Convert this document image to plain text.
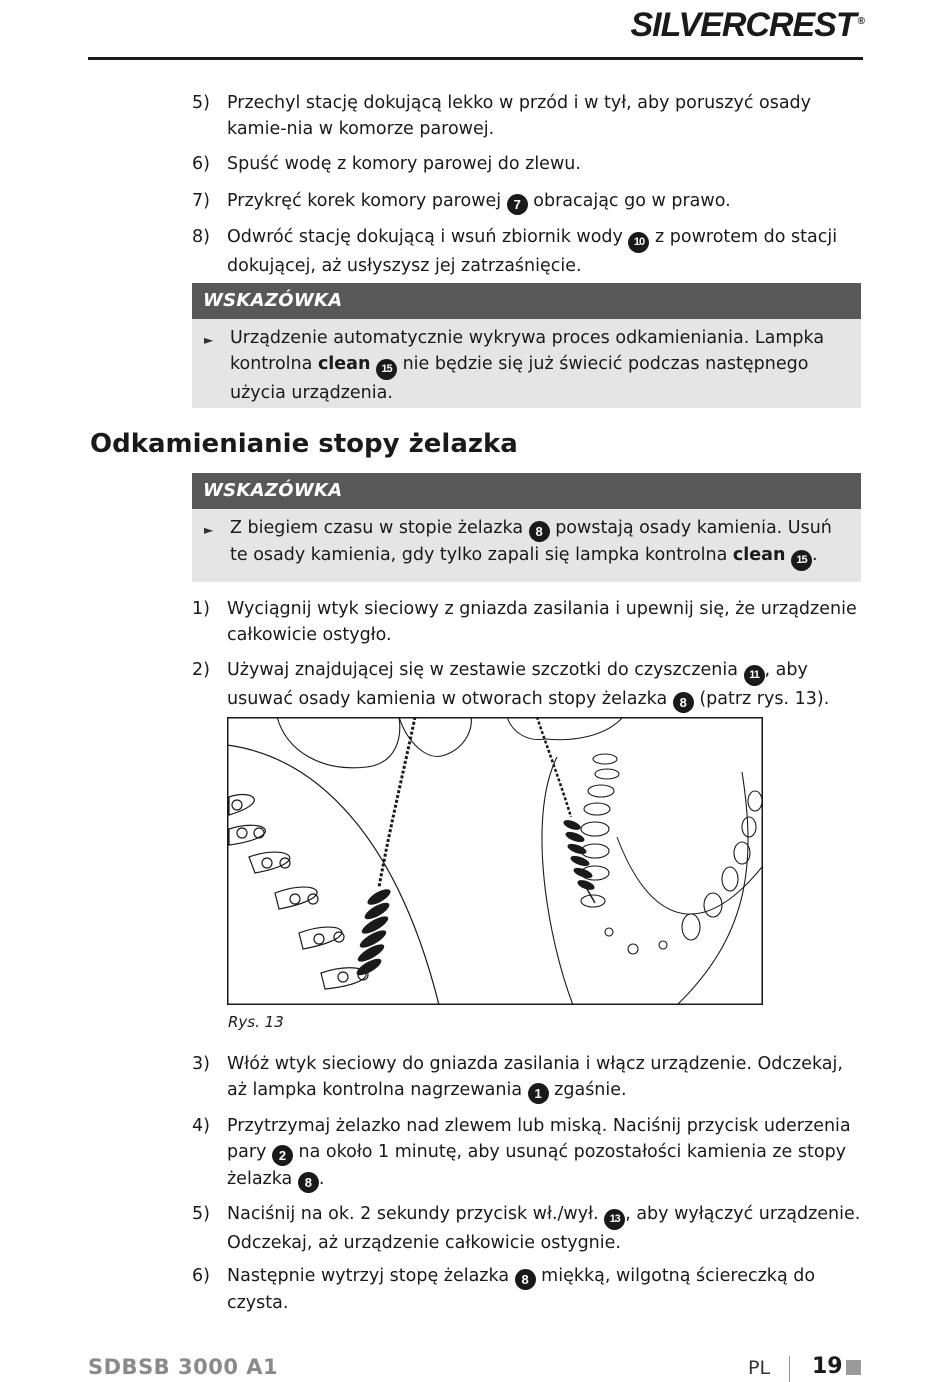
SILVERCREST ®
5) Przechyl stację dokującą lekko w przód i w tył, aby poruszyć osady kamie-nia w komorze parowej.
6) Spuść wodę z komory parowej do zlewu.
7) Przykręć korek komory parowej 7 obracając go w prawo.
8) Odwróć stację dokującą i wsuń zbiornik wody 10 z powrotem do stacji dokującej, aż usłyszysz jej zatrzaśnięcie.
WSKAZÓWKA
► Urządzenie automatycznie wykrywa proces odkamieniania. Lampka kontrolna clean 15 nie będzie się już świecić podczas następnego użycia urządzenia.
Odkamienianie stopy żelazka
WSKAZÓWKA
► Z biegiem czasu w stopie żelazka 8 powstają osady kamienia. Usuń te osady kamienia, gdy tylko zapali się lampka kontrolna clean 15 .
1) Wyciągnij wtyk sieciowy z gniazda zasilania i upewnij się, że urządzenie całkowicie ostygło.
2) Używaj znajdującej się w zestawie szczotki do czyszczenia 11 , aby usuwać osady kamienia w otworach stopy żelazka 8 (patrz rys. 13).
Rys. 13
3) Włóż wtyk sieciowy do gniazda zasilania i włącz urządzenie. Odczekaj, aż lampka kontrolna nagrzewania 1 zgaśnie.
4) Przytrzymaj żelazko nad zlewem lub miską. Naciśnij przycisk uderzenia pary 2 na około 1 minutę, aby usunąć pozostałości kamienia ze stopy żelazka 8 .
5) Naciśnij na ok. 2 sekundy przycisk wł./wył. 13 , aby wyłączyć urządzenie. Odczekaj, aż urządzenie całkowicie ostygnie.
6) Następnie wytrzyj stopę żelazka 8 miękką, wilgotną ściereczką do czysta.
SDBSB 3000 A1	PL 19
